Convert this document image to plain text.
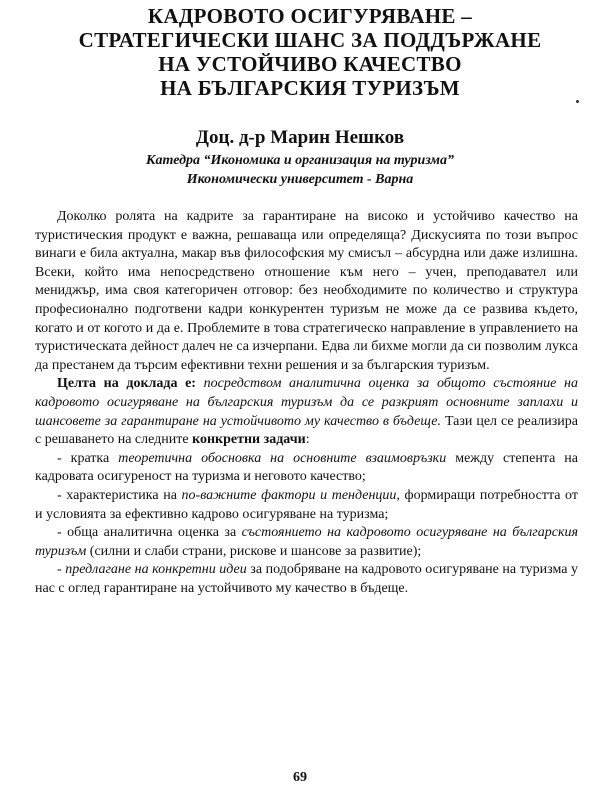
КАДРОВОТО ОСИГУРЯВАНЕ –
СТРАТЕГИЧЕСКИ ШАНС ЗА ПОДДЪРЖАНЕ
НА УСТОЙЧИВО КАЧЕСТВО
НА БЪЛГАРСКИЯ ТУРИЗЪМ
Доц. д-р Марин Нешков
Катедра “Икономика и организация на туризма”
Икономически университет - Варна

Доколко ролята на кадрите за гарантиране на високо и устойчиво качество на туристическия продукт е важна, решаваща или определяща? Дискусията по този въпрос винаги е била актуална, макар във философския му смисъл – абсурдна или даже излишна. Всеки, който има непосредствено отношение към него – учен, преподавател или мениджър, има своя категоричен отговор: без необходимите по количество и структура професионално подготвени кадри конкурентен туризъм не може да се развива където, когато и от когото и да е. Проблемите в това стратегическо направление в управлението на туристическата дейност далеч не са изчерпани. Едва ли бихме могли да си позволим лукса да престанем да търсим ефективни техни решения и за българския туризъм.

Целта на доклада е: посредством аналитична оценка за общото състояние на кадровото осигуряване на българския туризъм да се разкрият основните заплахи и шансовете за гарантиране на устойчивото му качество в бъдеще. Тази цел се реализира с решаването на следните конкретни задачи:

- кратка теоретична обосновка на основните взаимовръзки между степента на кадровата осигуреност на туризма и неговото качество;

- характеристика на по-важните фактори и тенденции, формиращи потребността от и условията за ефективно кадрово осигуряване на туризма;

- обща аналитична оценка за състоянието на кадровото осигуряване на българския туризъм (силни и слаби страни, рискове и шансове за развитие);

- предлагане на конкретни идеи за подобряване на кадровото осигуряване на туризма у нас с оглед гарантиране на устойчивото му качество в бъдеще.

69
